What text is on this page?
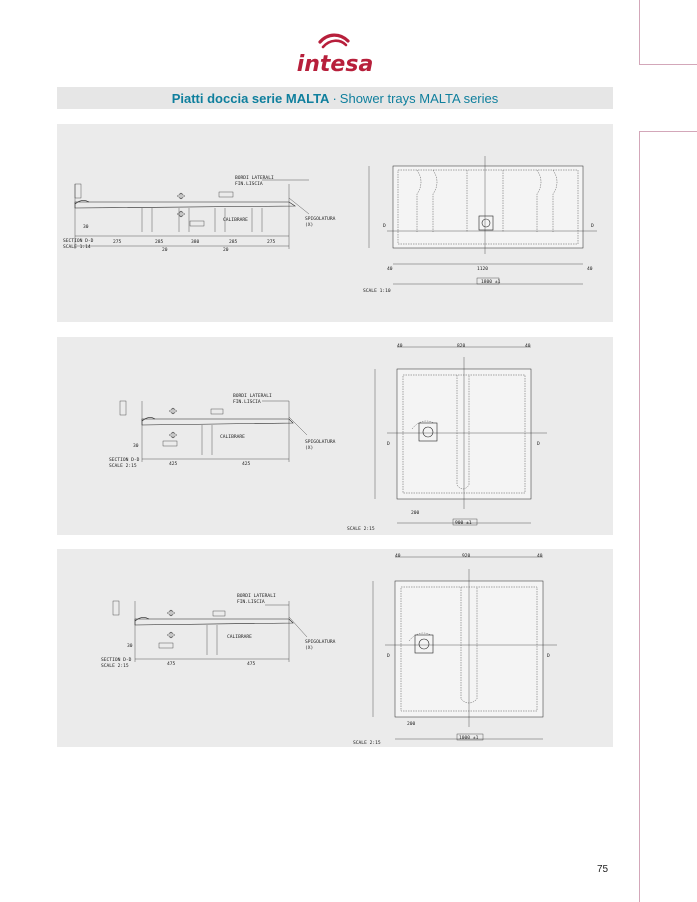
intesa
Piatti doccia serie MALTA · Shower trays MALTA series
BORDI LATERALI
FIN.LISCIA
CALIBRARE	SPIGOLATURA
(X)
SECTION D-D
SCALE 1:14
275	285	380	285	275
20	20
30
1120
1800 ±1
SCALE 1:10
D	D
40	40
BORDI LATERALI
FIN.LISCIA
CALIBRARE
SPIGOLATURA
(X)
SECTION D-D
SCALE 2:15	425	425
30
820
900 ±1
200
SCALE 2:15
D	D
40	40
BORDI LATERALI
FIN.LISCIA
CALIBRARE
SPIGOLATURA
(X)
SECTION D-D
SCALE 2:15	475	475
30
920
1000 ±1
200
SCALE 2:15
D	D
40	40
75
